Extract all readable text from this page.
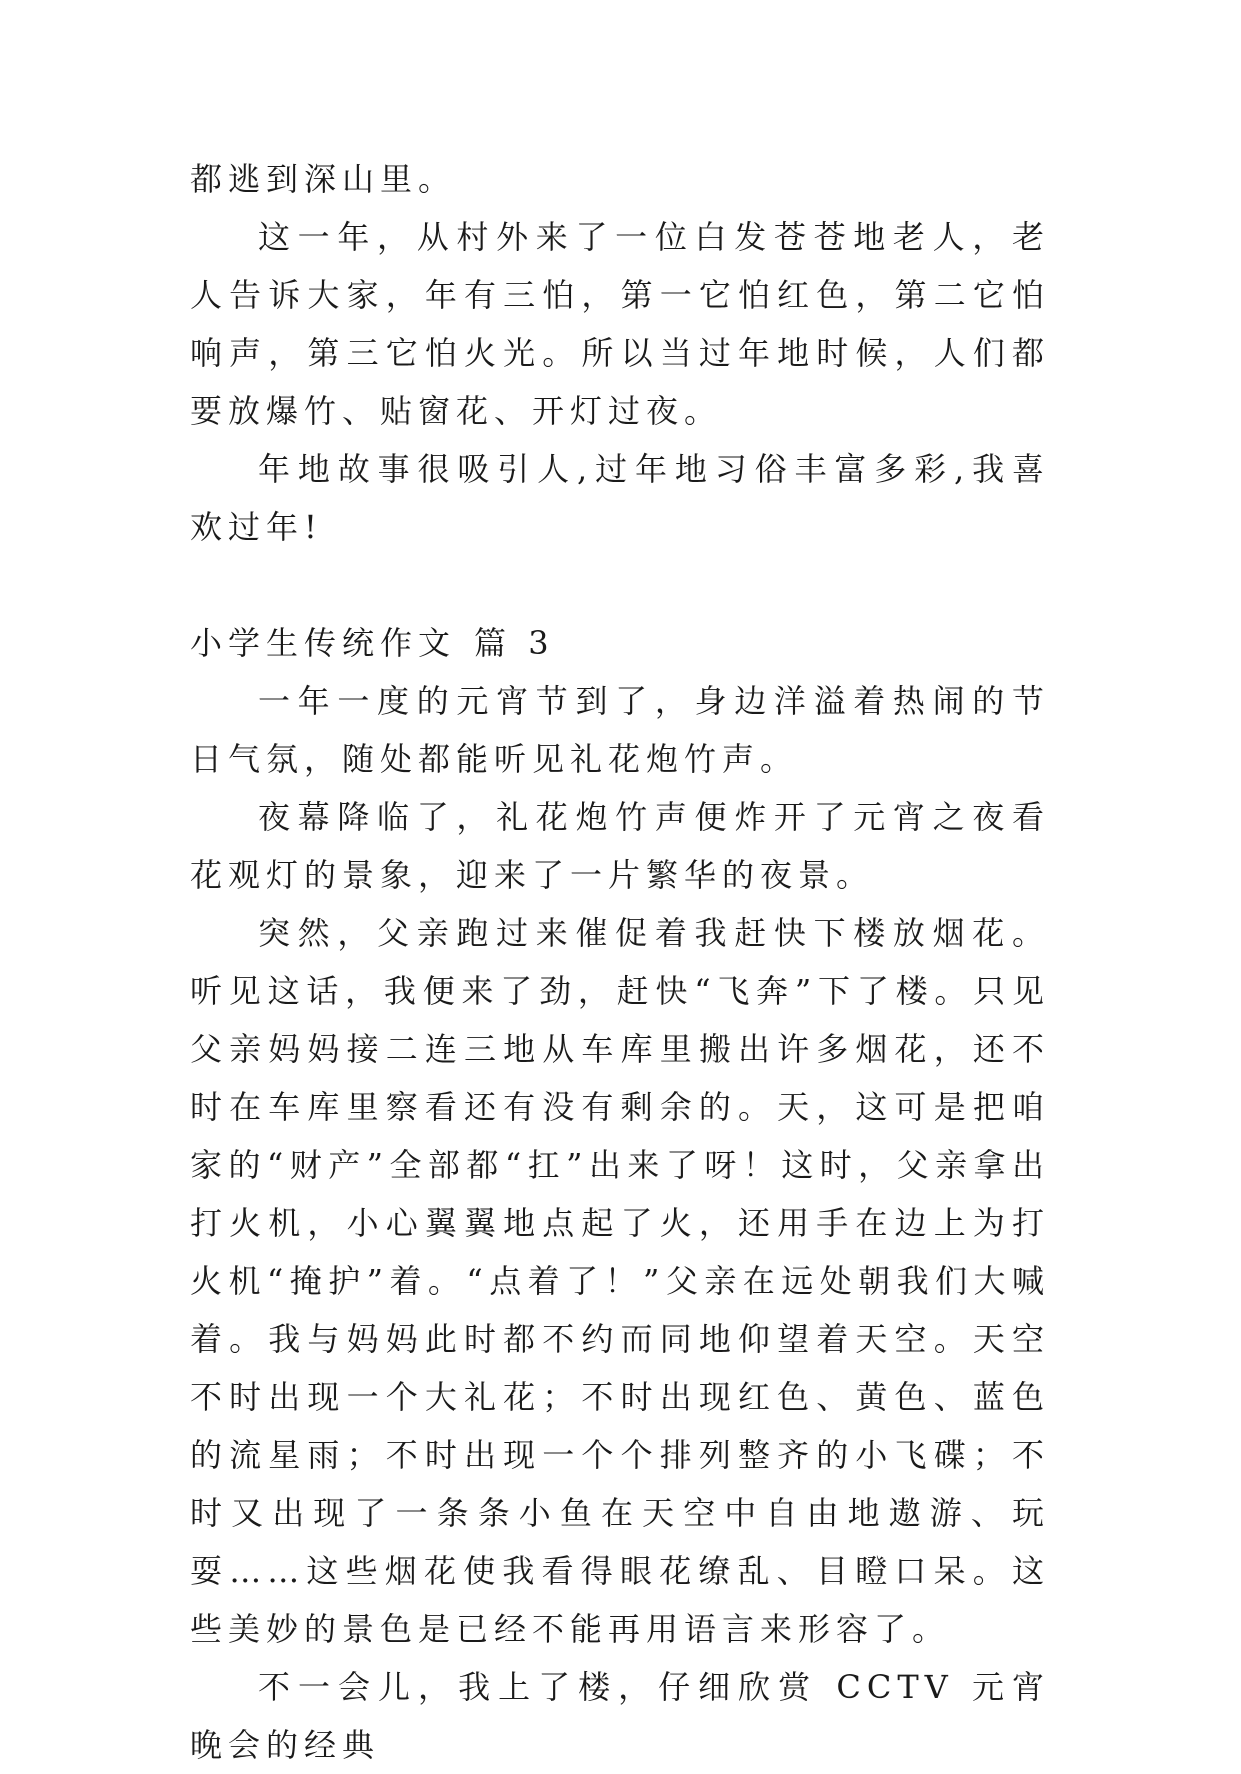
都逃到深山里。

这一年，从村外来了一位白发苍苍地老人，老人告诉大家，年有三怕，第一它怕红色，第二它怕响声，第三它怕火光。所以当过年地时候，人们都要放爆竹、贴窗花、开灯过夜。

年地故事很吸引人,过年地习俗丰富多彩,我喜欢过年!

小学生传统作文 篇 3

一年一度的元宵节到了，身边洋溢着热闹的节日气氛，随处都能听见礼花炮竹声。

夜幕降临了，礼花炮竹声便炸开了元宵之夜看花观灯的景象，迎来了一片繁华的夜景。

突然，父亲跑过来催促着我赶快下楼放烟花。听见这话，我便来了劲，赶快“飞奔”下了楼。只见父亲妈妈接二连三地从车库里搬出许多烟花，还不时在车库里察看还有没有剩余的。天，这可是把咱家的“财产”全部都“扛”出来了呀！这时，父亲拿出打火机，小心翼翼地点起了火，还用手在边上为打火机“掩护”着。“点着了！”父亲在远处朝我们大喊着。我与妈妈此时都不约而同地仰望着天空。天空不时出现一个大礼花；不时出现红色、黄色、蓝色的流星雨；不时出现一个个排列整齐的小飞碟；不时又出现了一条条小鱼在天空中自由地遨游、玩耍……这些烟花使我看得眼花缭乱、目瞪口呆。这些美妙的景色是已经不能再用语言来形容了。

不一会儿，我上了楼，仔细欣赏 CCTV 元宵晚会的经典
